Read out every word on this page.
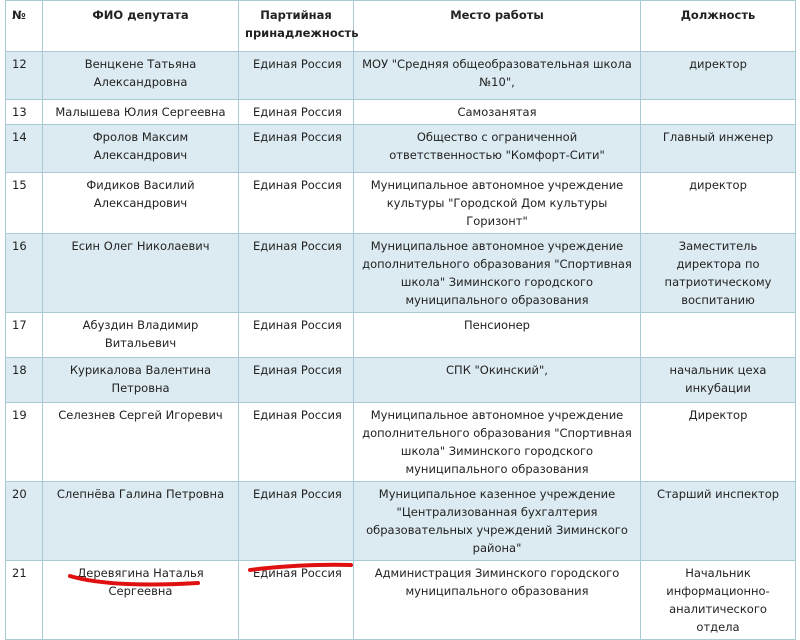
№	ФИО депутата	Партийная принадлежность	Место работы	Должность
12	Венцкене Татьяна Александровна	Единая Россия	МОУ "Средняя общеобразовательная школа №10",	директор
13	Малышева Юлия Сергеевна	Единая Россия	Самозанятая	
14	Фролов Максим Александрович	Единая Россия	Общество с ограниченной ответственностью "Комфорт-Сити"	Главный инженер
15	Фидиков Василий Александрович	Единая Россия	Муниципальное автономное учреждение культуры "Городской Дом культуры Горизонт"	директор
16	Есин Олег Николаевич	Единая Россия	Муниципальное автономное учреждение дополнительного образования "Спортивная школа" Зиминского городского муниципального образования	Заместитель директора по патриотическому воспитанию
17	Абуздин Владимир Витальевич	Единая Россия	Пенсионер	
18	Курикалова Валентина Петровна	Единая Россия	СПК "Окинский",	начальник цеха инкубации
19	Селезнев Сергей Игоревич	Единая Россия	Муниципальное автономное учреждение дополнительного образования "Спортивная школа" Зиминского городского муниципального образования	Директор
20	Слепнёва Галина Петровна	Единая Россия	Муниципальное казенное учреждение "Централизованная бухгалтерия образовательных учреждений Зиминского района"	Старший инспектор
21	Деревягина Наталья Сергеевна	Единая Россия	Администрация Зиминского городского муниципального образования	Начальник информационно-аналитического отдела
